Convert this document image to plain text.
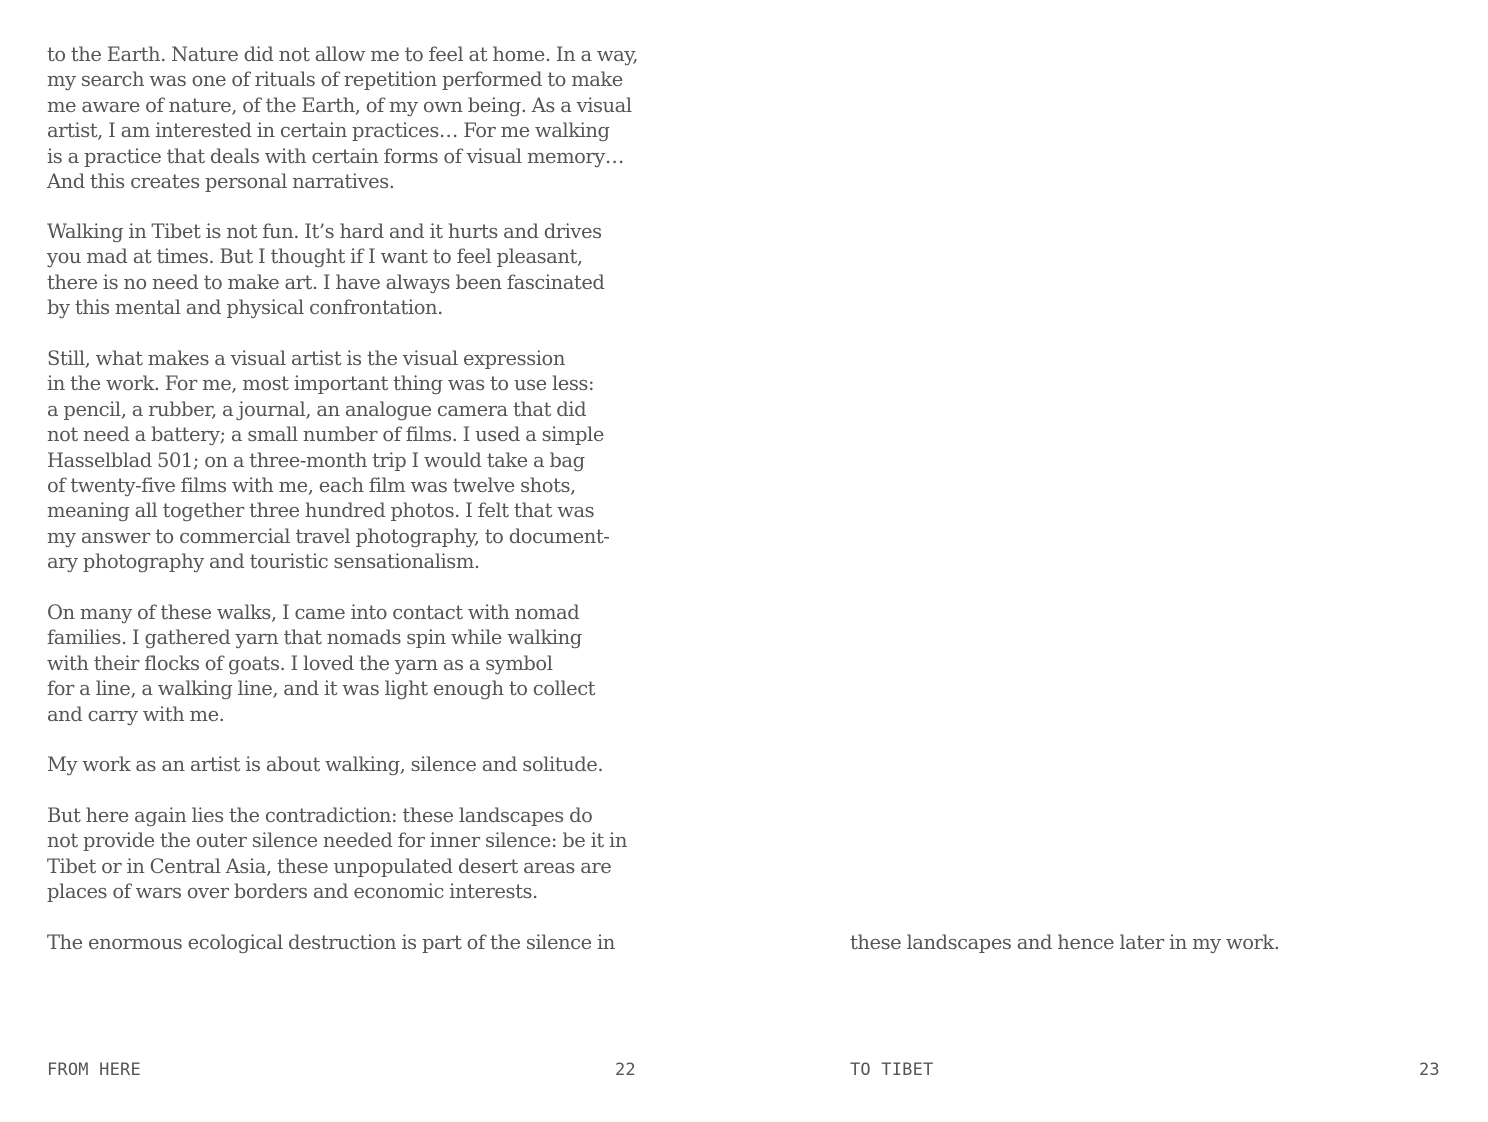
to the Earth. Nature did not allow me to feel at home. In a way,
my search was one of rituals of repetition performed to make
me aware of nature, of the Earth, of my own being. As a visual
artist, I am interested in certain practices… For me walking
is a practice that deals with certain forms of visual memory…
And this creates personal narratives.

Walking in Tibet is not fun. It’s hard and it hurts and drives
you mad at times. But I thought if I want to feel pleasant,
there is no need to make art. I have always been fascinated
by this mental and physical confrontation.

Still, what makes a visual artist is the visual expression
in the work. For me, most important thing was to use less:
a pencil, a rubber, a journal, an analogue camera that did
not need a battery; a small number of films. I used a simple
Hasselblad 501; on a three-month trip I would take a bag
of twenty-five films with me, each film was twelve shots,
meaning all together three hundred photos. I felt that was
my answer to commercial travel photography, to document-
ary photography and touristic sensationalism.

On many of these walks, I came into contact with nomad
families. I gathered yarn that nomads spin while walking
with their flocks of goats. I loved the yarn as a symbol
for a line, a walking line, and it was light enough to collect
and carry with me.

My work as an artist is about walking, silence and solitude.

But here again lies the contradiction: these landscapes do
not provide the outer silence needed for inner silence: be it in
Tibet or in Central Asia, these unpopulated desert areas are
places of wars over borders and economic interests.

The enormous ecological destruction is part of the silence in

FROM HERE	22

these landscapes and hence later in my work.

TO TIBET	23
